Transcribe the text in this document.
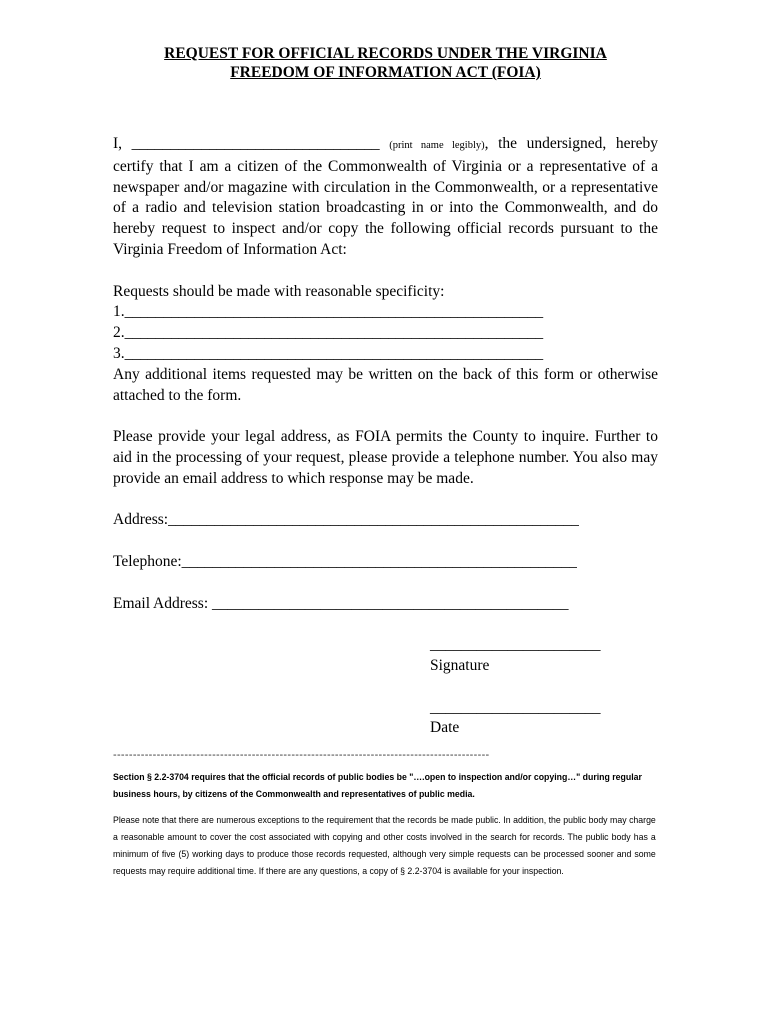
REQUEST FOR OFFICIAL RECORDS UNDER THE VIRGINIA
FREEDOM OF INFORMATION ACT (FOIA)

I, ________________________________ (print name legibly), the undersigned, hereby certify that I am a citizen of the Commonwealth of Virginia or a representative of a newspaper and/or magazine with circulation in the Commonwealth, or a representative of a radio and television station broadcasting in or into the Commonwealth, and do hereby request to inspect and/or copy the following official records pursuant to the Virginia Freedom of Information Act:

Requests should be made with reasonable specificity:
1.______________________________________________________
2.______________________________________________________
3.______________________________________________________

Any additional items requested may be written on the back of this form or otherwise attached to the form.

Please provide your legal address, as FOIA permits the County to inquire. Further to aid in the processing of your request, please provide a telephone number. You also may provide an email address to which response may be made.

Address:_____________________________________________________
Telephone:___________________________________________________
Email Address: ______________________________________________
______________________
Signature
______________________
Date
-----------------------------------------------------------------------------------------------
Section § 2.2-3704 requires that the official records of public bodies be "….open to inspection and/or copying…" during regular business hours, by citizens of the Commonwealth and representatives of public media.
Please note that there are numerous exceptions to the requirement that the records be made public. In addition, the public body may charge a reasonable amount to cover the cost associated with copying and other costs involved in the search for records. The public body has a minimum of five (5) working days to produce those records requested, although very simple requests can be processed sooner and some requests may require additional time. If there are any questions, a copy of § 2.2-3704 is available for your inspection.
